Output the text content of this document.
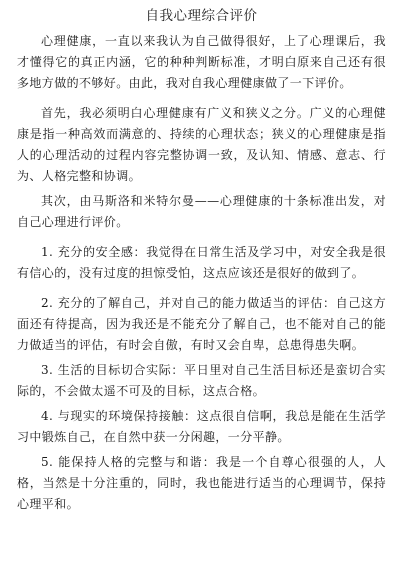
自我心理综合评价

心理健康，一直以来我认为自己做得很好，上了心理课后，我才懂得它的真正内涵，它的种种判断标准，才明白原来自己还有很多地方做的不够好。由此，我对自我心理健康做了一下评价。

首先，我必须明白心理健康有广义和狭义之分。广义的心理健康是指一种高效而满意的、持续的心理状态；狭义的心理健康是指人的心理活动的过程内容完整协调一致，及认知、情感、意志、行为、人格完整和协调。

其次，由马斯洛和米特尔曼——心理健康的十条标准出发，对自己心理进行评价。

1. 充分的安全感：我觉得在日常生活及学习中，对安全我是很有信心的，没有过度的担惊受怕，这点应该还是很好的做到了。

2. 充分的了解自己，并对自己的能力做适当的评估：自己这方面还有待提高，因为我还是不能充分了解自己，也不能对自己的能力做适当的评估，有时会自傲，有时又会自卑，总患得患失啊。

3. 生活的目标切合实际：平日里对自己生活目标还是蛮切合实际的，不会做太遥不可及的目标，这点合格。

4. 与现实的环境保持接触：这点很自信啊，我总是能在生活学习中锻炼自己，在自然中获一分闲趣，一分平静。

5. 能保持人格的完整与和谐：我是一个自尊心很强的人，人格，当然是十分注重的，同时，我也能进行适当的心理调节，保持心理平和。
